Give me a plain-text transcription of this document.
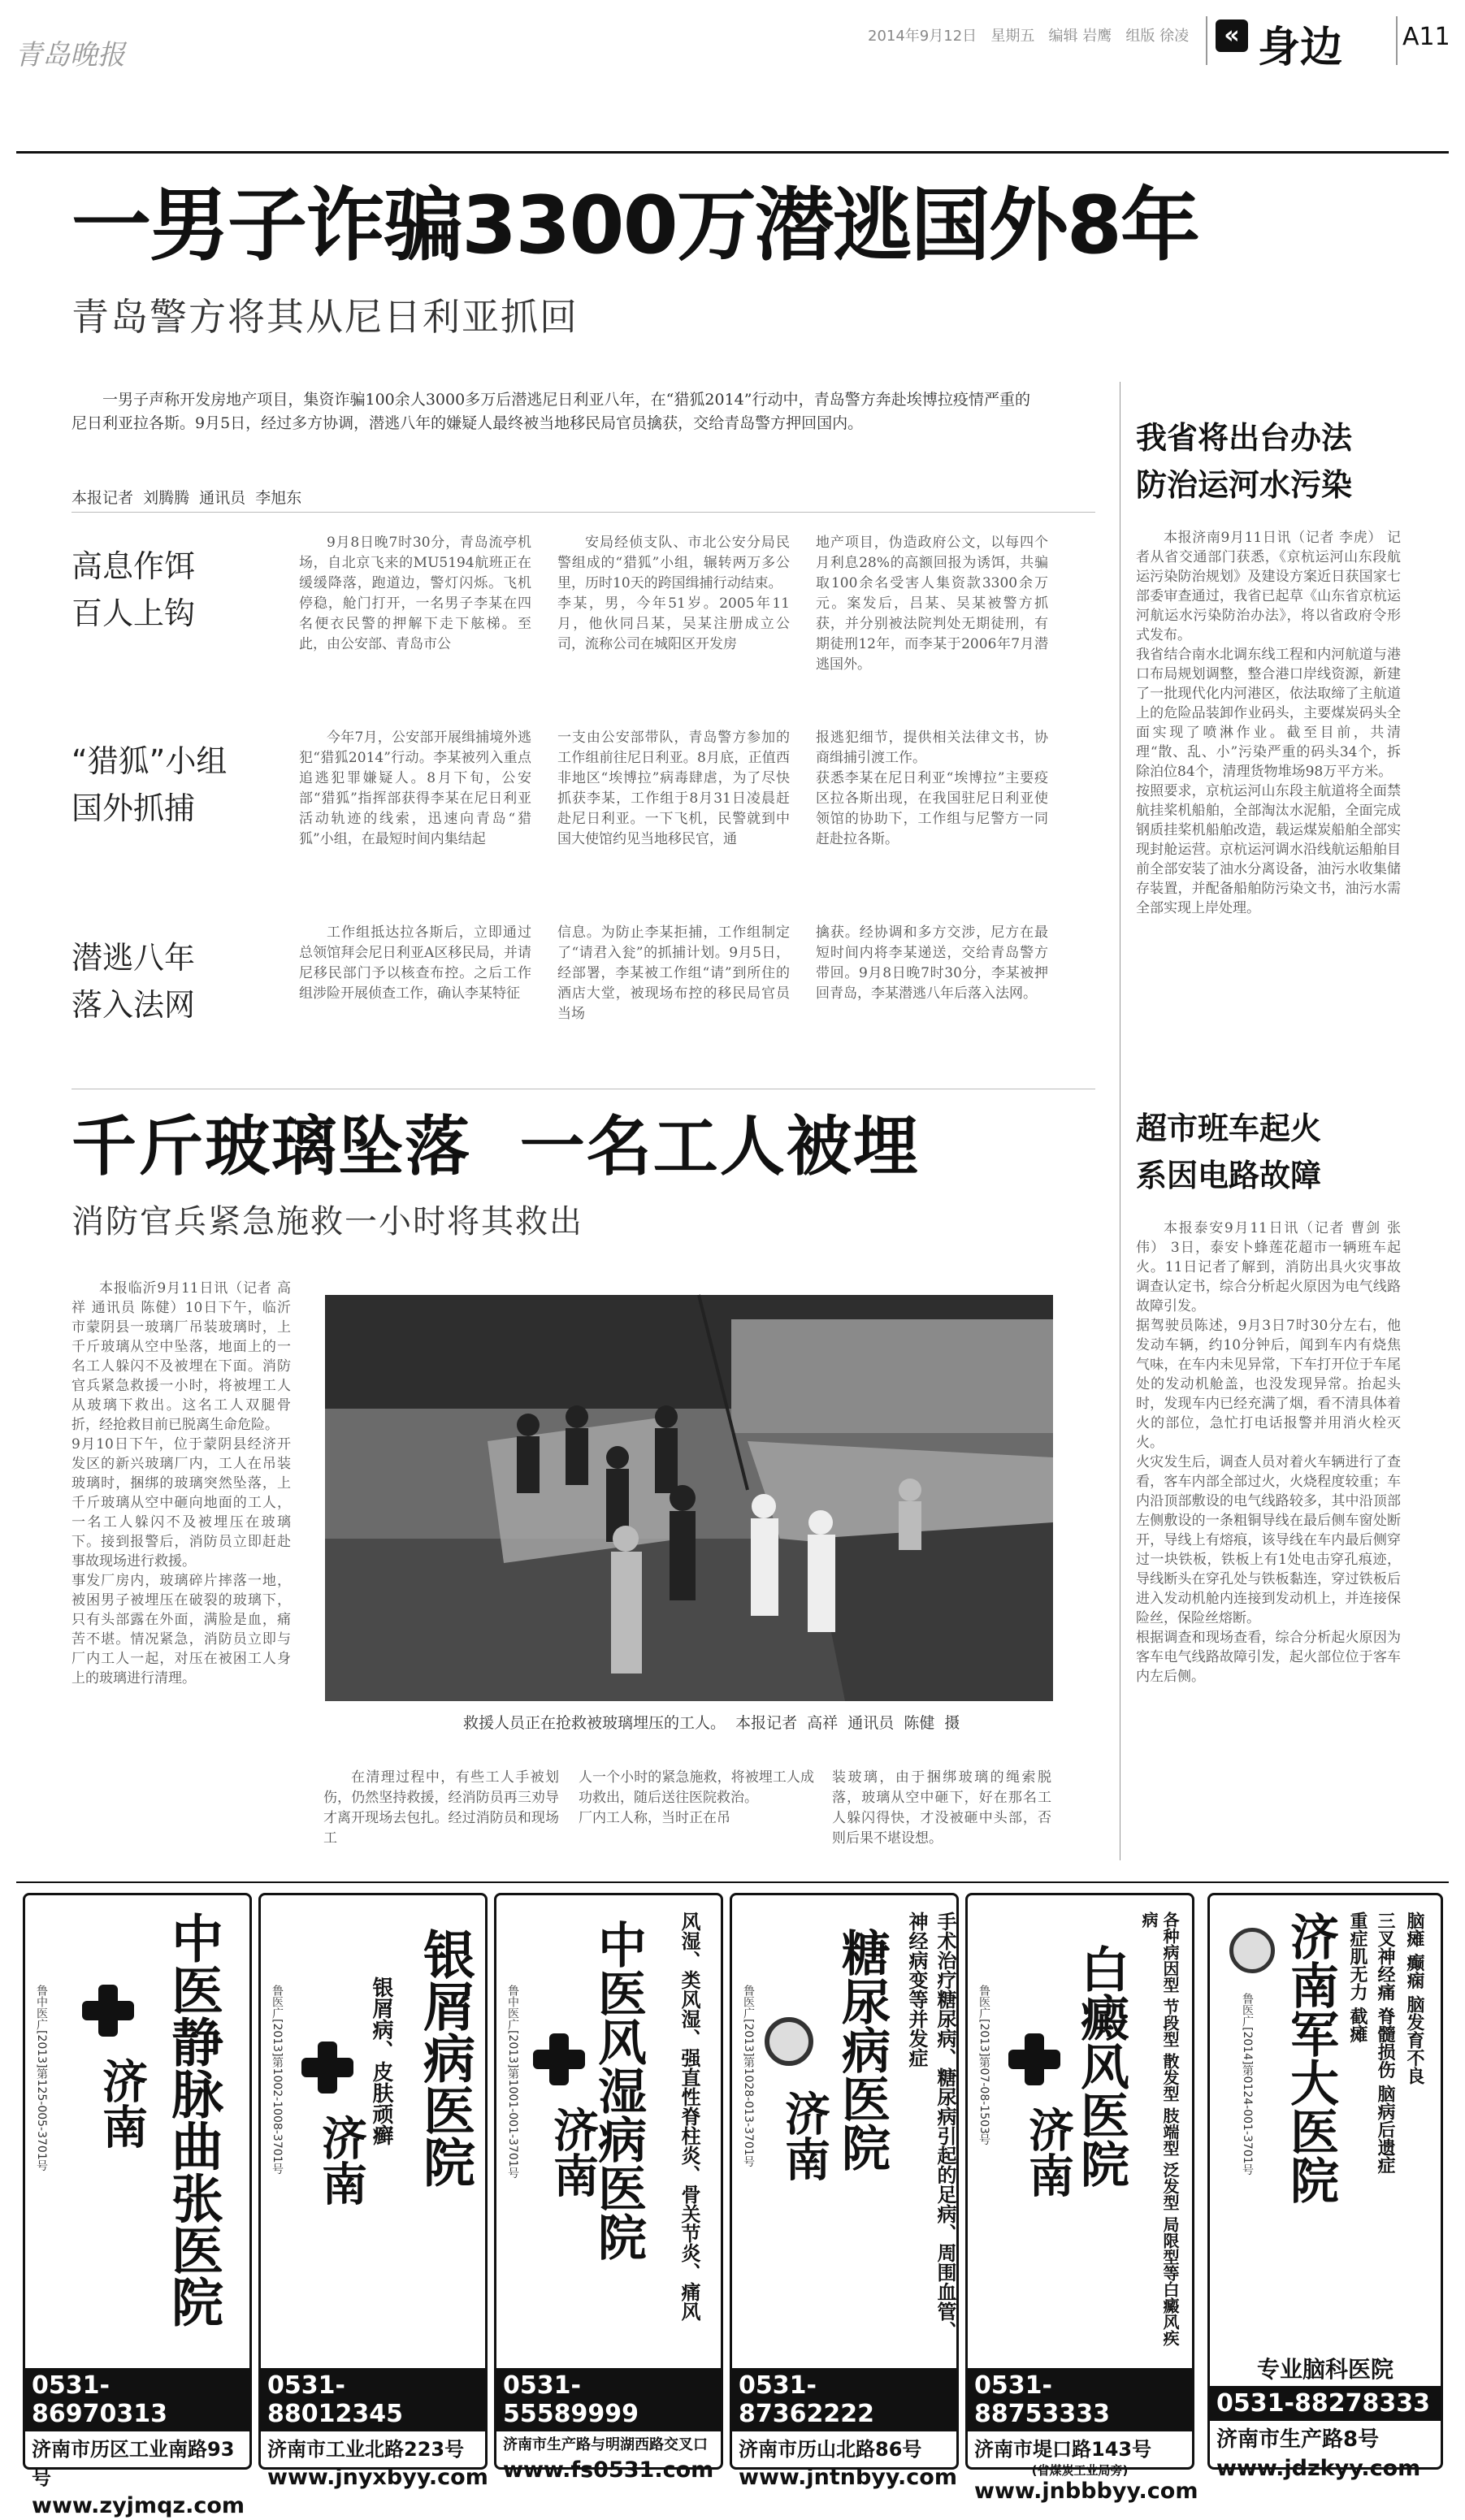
青岛晚报
2014年9月12日 星期五 编辑 岩鹰 组版 徐凌	« 身边 A11
一男子诈骗3300万潜逃国外8年
青岛警方将其从尼日利亚抓回
一男子声称开发房地产项目，集资诈骗100余人3000多万后潜逃尼日利亚八年，在“猎狐2014”行动中，青岛警方奔赴埃博拉疫情严重的尼日利亚拉各斯。9月5日，经过多方协调，潜逃八年的嫌疑人最终被当地移民局官员擒获，交给青岛警方押回国内。
本报记者  刘腾腾  通讯员  李旭东
高息作饵
百人上钩
9月8日晚7时30分，青岛流亭机场，自北京飞来的MU5194航班正在缓缓降落，跑道边，警灯闪烁。飞机停稳，舱门打开，一名男子李某在四名便衣民警的押解下走下舷梯。至此，由公安部、青岛市公
安局经侦支队、市北公安分局民警组成的“猎狐”小组，辗转两万多公里，历时10天的跨国缉捕行动结束。
李某，男，今年51岁。2005年11月，他伙同吕某，吴某注册成立公司，流称公司在城阳区开发房
地产项目，伪造政府公文，以每四个月利息28%的高额回报为诱饵，共骗取100余名受害人集资款3300余万元。案发后，吕某、吴某被警方抓获，并分别被法院判处无期徒刑，有期徒刑12年，而李某于2006年7月潜逃国外。
“猎狐”小组
国外抓捕
今年7月，公安部开展缉捕境外逃犯“猎狐2014”行动。李某被列入重点追逃犯罪嫌疑人。8月下旬，公安部“猎狐”指挥部获得李某在尼日利亚活动轨迹的线索，迅速向青岛“猎狐”小组，在最短时间内集结起
一支由公安部带队，青岛警方参加的工作组前往尼日利亚。8月底，正值西非地区“埃博拉”病毒肆虐，为了尽快抓获李某，工作组于8月31日凌晨赶赴尼日利亚。一下飞机，民警就到中国大使馆约见当地移民官，通
报逃犯细节，提供相关法律文书，协商缉捕引渡工作。
获悉李某在尼日利亚“埃博拉”主要疫区拉各斯出现，在我国驻尼日利亚使领馆的协助下，工作组与尼警方一同赶赴拉各斯。
潜逃八年
落入法网
工作组抵达拉各斯后，立即通过总领馆拜会尼日利亚A区移民局，并请尼移民部门予以核查布控。之后工作组涉险开展侦查工作，确认李某特征
信息。为防止李某拒捕，工作组制定了“请君入瓮”的抓捕计划。9月5日，经部署，李某被工作组“请”到所住的酒店大堂，被现场布控的移民局官员当场
擒获。经协调和多方交涉，尼方在最短时间内将李某递送，交给青岛警方带回。9月8日晚7时30分，李某被押回青岛，李某潜逃八年后落入法网。
我省将出台办法
防治运河水污染
本报济南9月11日讯（记者 李虎） 记者从省交通部门获悉，《京杭运河山东段航运污染防治规划》及建设方案近日获国家七部委审查通过，我省已起草《山东省京杭运河航运水污染防治办法》，将以省政府令形式发布。
我省结合南水北调东线工程和内河航道与港口布局规划调整，整合港口岸线资源，新建了一批现代化内河港区，依法取缔了主航道上的危险品装卸作业码头，主要煤炭码头全面实现了喷淋作业。截至目前，共清理“散、乱、小”污染严重的码头34个，拆除泊位84个，清理货物堆场98万平方米。
按照要求，京杭运河山东段主航道将全面禁航挂桨机船舶，全部淘汰水泥船，全面完成钢质挂桨机船舶改造，载运煤炭船舶全部实现封舱运营。京杭运河调水沿线航运船舶目前全部安装了油水分离设备，油污水收集储存装置，并配备船舶防污染文书，油污水需全部实现上岸处理。
千斤玻璃坠落  一名工人被埋
消防官兵紧急施救一小时将其救出
本报临沂9月11日讯（记者 高祥 通讯员 陈健）10日下午，临沂市蒙阴县一玻璃厂吊装玻璃时，上千斤玻璃从空中坠落，地面上的一名工人躲闪不及被埋在下面。消防官兵紧急救援一小时，将被埋工人从玻璃下救出。这名工人双腿骨折，经抢救目前已脱离生命危险。
9月10日下午，位于蒙阴县经济开发区的新兴玻璃厂内，工人在吊装玻璃时，捆绑的玻璃突然坠落，上千斤玻璃从空中砸向地面的工人，一名工人躲闪不及被埋压在玻璃下。接到报警后，消防员立即赶赴事故现场进行救援。
事发厂房内，玻璃碎片摔落一地，被困男子被埋压在破裂的玻璃下，只有头部露在外面，满脸是血，痛苦不堪。情况紧急，消防员立即与厂内工人一起，对压在被困工人身上的玻璃进行清理。
救援人员正在抢救被玻璃埋压的工人。  本报记者  高祥  通讯员  陈健  摄
在清理过程中，有些工人手被划伤，仍然坚持救援，经消防员再三劝导才离开现场去包扎。经过消防员和现场工
人一个小时的紧急施救，将被埋工人成功救出，随后送往医院救治。
厂内工人称，当时正在吊
装玻璃，由于捆绑玻璃的绳索脱落，玻璃从空中砸下，好在那名工人躲闪得快，才没被砸中头部，否则后果不堪设想。
超市班车起火
系因电路故障
本报泰安9月11日讯（记者 曹剑 张伟） 3日，泰安卜蜂莲花超市一辆班车起火。11日记者了解到，消防出具火灾事故调查认定书，综合分析起火原因为电气线路故障引发。
据驾驶员陈述，9月3日7时30分左右，他发动车辆，约10分钟后，闻到车内有烧焦气味，在车内未见异常，下车打开位于车尾处的发动机舱盖，也没发现异常。抬起头时，发现车内已经充满了烟，看不清具体着火的部位，急忙打电话报警并用消火栓灭火。
火灾发生后，调查人员对着火车辆进行了查看，客车内部全部过火，火烧程度较重；车内沿顶部敷设的电气线路较多，其中沿顶部左侧敷设的一条粗铜导线在最后侧车窗处断开，导线上有熔痕，该导线在车内最后侧穿过一块铁板，铁板上有1处电击穿孔痕迹，导线断头在穿孔处与铁板黏连，穿过铁板后进入发动机舱内连接到发动机上，并连接保险丝，保险丝熔断。
根据调查和现场查看，综合分析起火原因为客车电气线路故障引发，起火部位位于客车内左后侧。
鲁中医广[2013]第125-005-3701号 济南 中医静脉曲张医院
0531-86970313
济南市历区工业南路93号
www.zyjmqz.com
鲁医广[2013]第1002-1008-3701号 济南
银屑病、皮肤顽癣 银屑病医院
0531-88012345
济南市工业北路223号
www.jnyxbyy.com
鲁中医广[2013]第1001-001-3701号 济南
中医风湿病医院 风湿、类风湿、强直性脊柱炎、骨关节炎、痛风
0531-55589999
济南市生产路与明湖西路交叉口
www.fs0531.com
鲁医广[2013]第1028-013-3701号 济南 糖尿病医院	手术治疗糖尿病、糖尿病引起的足病、周围血管、神经病变等并发症
0531-87362222
济南市历山北路86号
www.jntnbyy.com
鲁医广[2013]第07-08-1503号
济南
白癜风医院	各种病因型 节段型 散发型 肢端型 泛发型 局限型等白癜风疾病
0531-88753333
济南市堤口路143号
(省煤炭工业局旁)
www.jnbbbyy.com
鲁医广[2014]第0124-001-3701号 济南军大医院 重症肌无力 截瘫 三叉神经痛 脊髓损伤 脑病后遗症 脑瘫 癫痫 脑发育不良
专业脑科医院
0531-88278333
济南市生产路8号
www.jdzkyy.com
